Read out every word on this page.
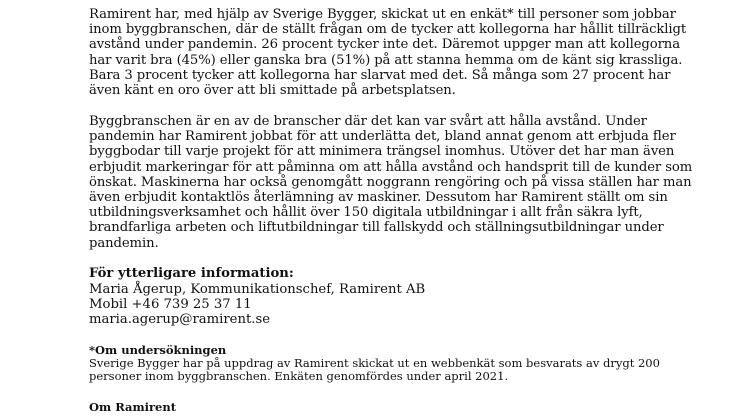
Ramirent har, med hjälp av Sverige Bygger, skickat ut en enkät* till personer som jobbar inom byggbranschen, där de ställt frågan om de tycker att kollegorna har hållit tillräckligt avstånd under pandemin. 26 procent tycker inte det. Däremot uppger man att kollegorna har varit bra (45%) eller ganska bra (51%) på att stanna hemma om de känt sig krassliga. Bara 3 procent tycker att kollegorna har slarvat med det. Så många som 27 procent har även känt en oro över att bli smittade på arbetsplatsen.

Byggbranschen är en av de branscher där det kan var svårt att hålla avstånd. Under pandemin har Ramirent jobbat för att underlätta det, bland annat genom att erbjuda fler byggbodar till varje projekt för att minimera trängsel inomhus. Utöver det har man även erbjudit markeringar för att påminna om att hålla avstånd och handsprit till de kunder som önskat. Maskinerna har också genomgått noggrann rengöring och på vissa ställen har man även erbjudit kontaktlös återlämning av maskiner. Dessutom har Ramirent ställt om sin utbildningsverksamhet och hållit över 150 digitala utbildningar i allt från säkra lyft, brandfarliga arbeten och liftutbildningar till fallskydd och ställningsutbildningar under pandemin.

För ytterligare information:

Maria Ågerup, Kommunikationschef, Ramirent AB

Mobil +46 739 25 37 11

maria.agerup@ramirent.se

*Om undersökningen

Sverige Bygger har på uppdrag av Ramirent skickat ut en webbenkät som besvarats av drygt 200 personer inom byggbranschen. Enkäten genomfördes under april 2021.

Om Ramirent
